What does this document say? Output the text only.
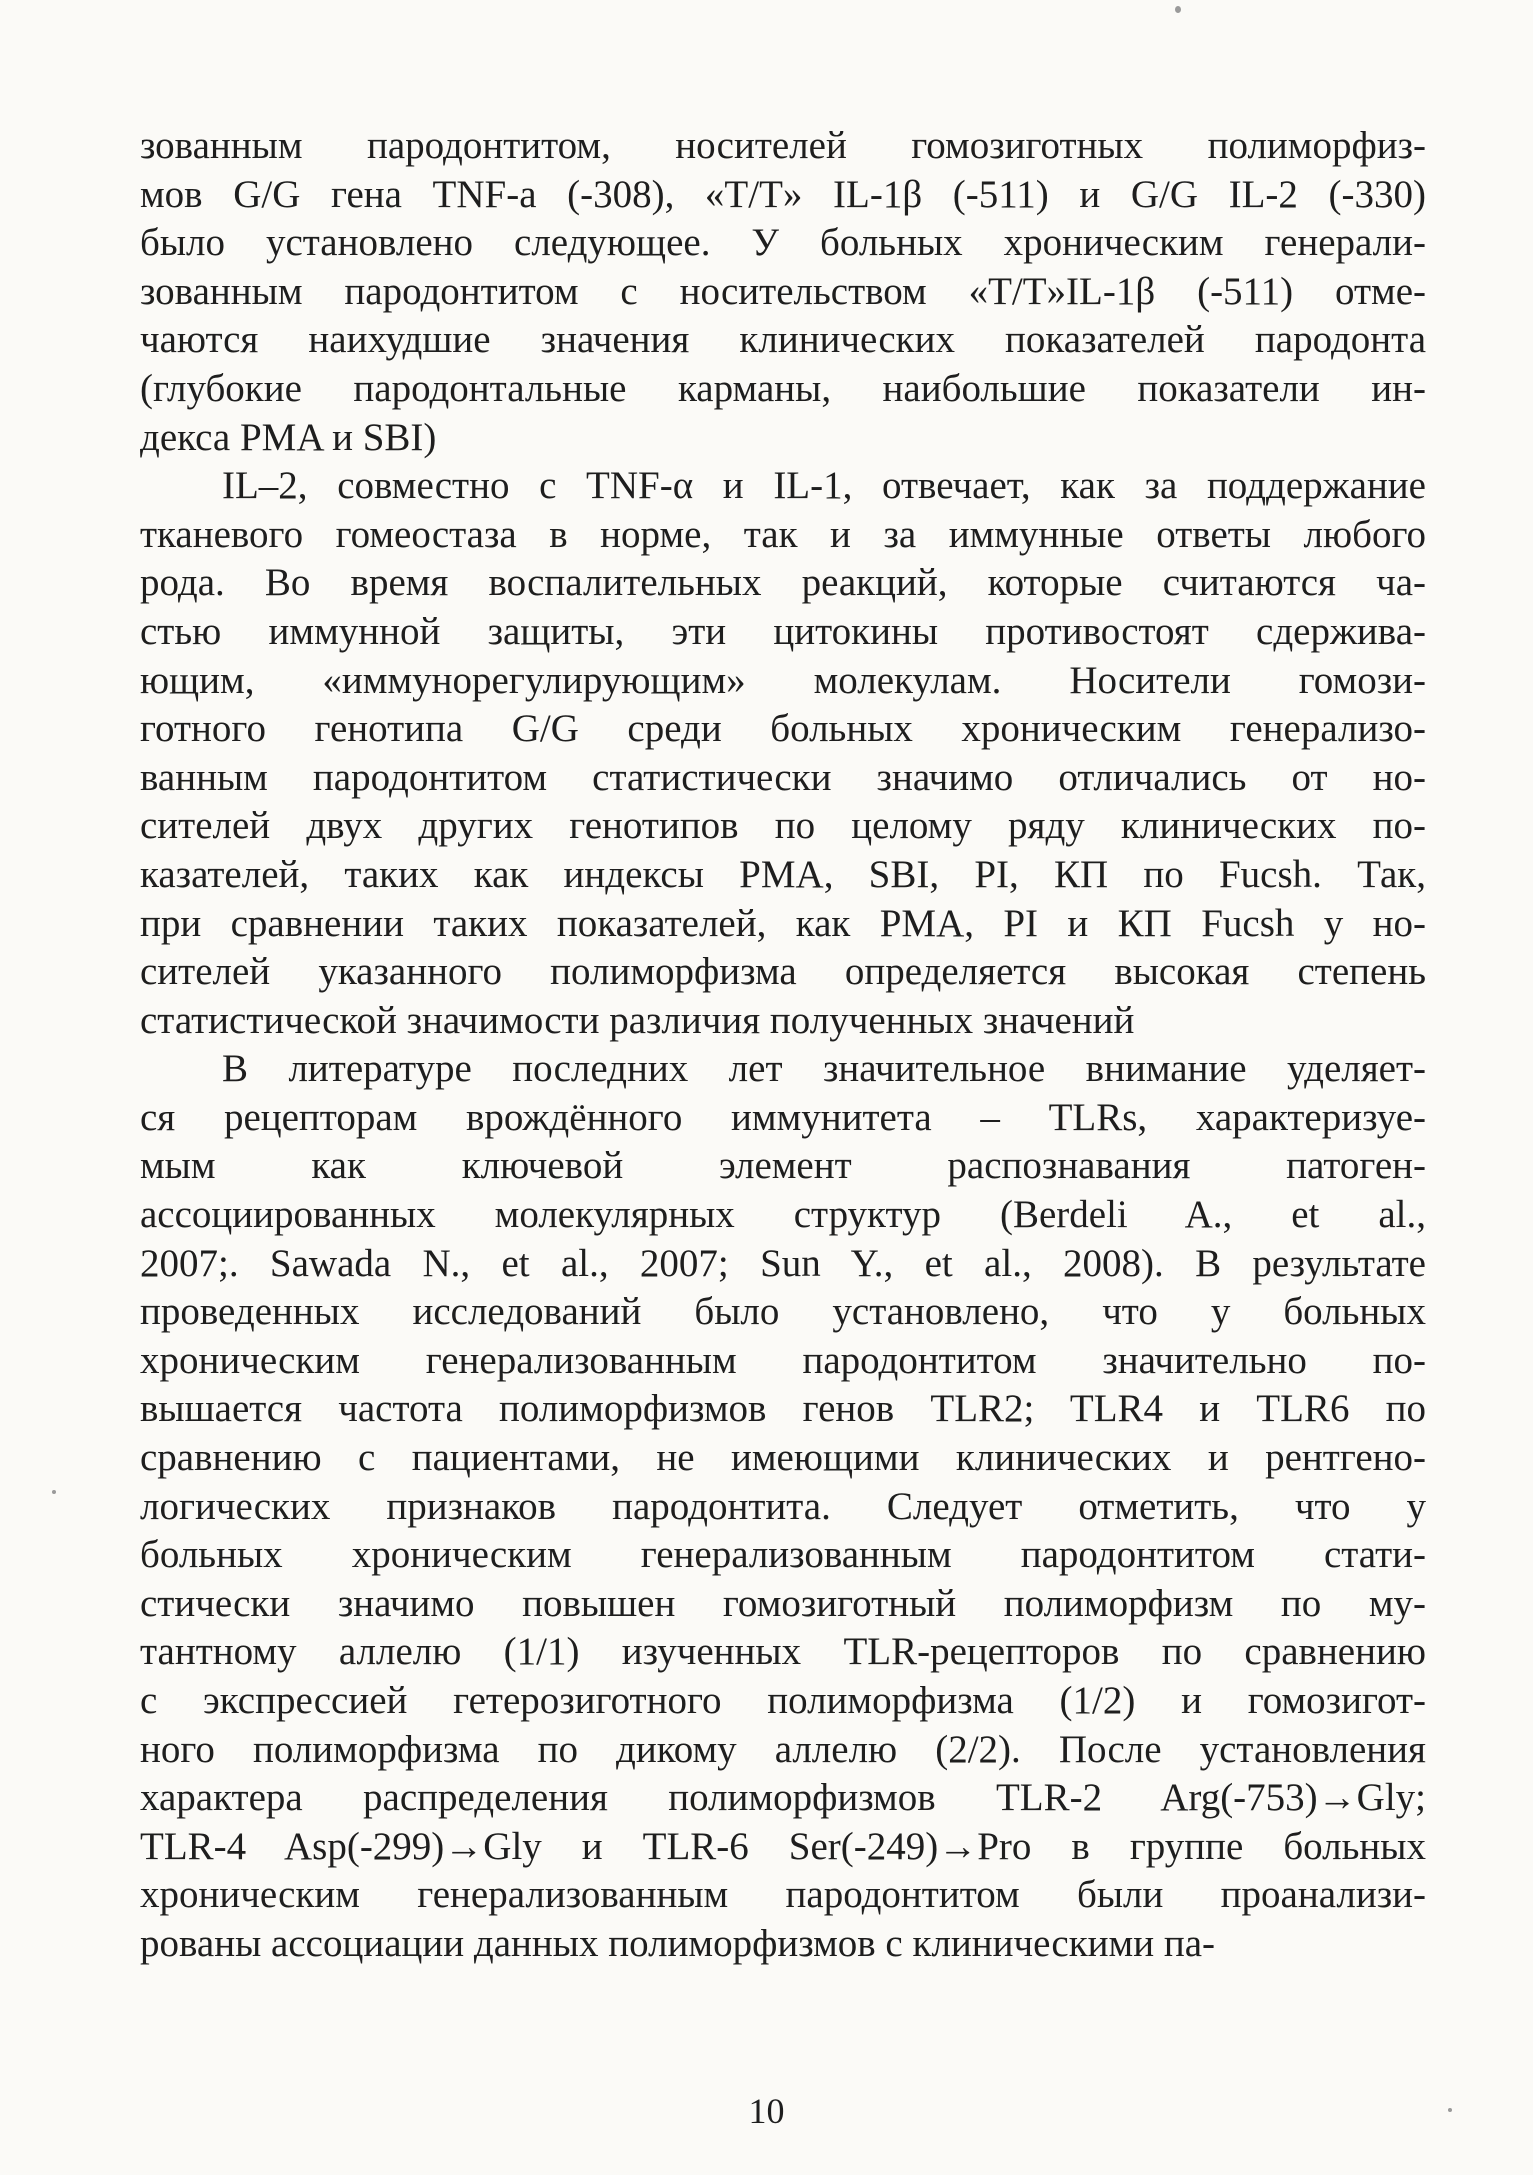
зованным пародонтитом, носителей гомозиготных полиморфиз-
мов G/G гена TNF-a (-308), «T/T» IL-1β (-511) и G/G IL-2 (-330)
было установлено следующее. У больных хроническим генерали-
зованным пародонтитом с носительством «T/T»IL-1β (-511) отме-
чаются наихудшие значения клинических показателей пародонта
(глубокие пародонтальные карманы, наибольшие показатели ин-
декса PMA и SBI)
IL–2, совместно с TNF-α и IL-1, отвечает, как за поддержание
тканевого гомеостаза в норме, так и за иммунные ответы любого
рода. Во время воспалительных реакций, которые считаются ча-
стью иммунной защиты, эти цитокины противостоят сдержива-
ющим, «иммунорегулирующим» молекулам. Носители гомози-
готного генотипа G/G среди больных хроническим генерализо-
ванным пародонтитом статистически значимо отличались от но-
сителей двух других генотипов по целому ряду клинических по-
казателей, таких как индексы PMA, SBI, PI, КП по Fucsh. Так,
при сравнении таких показателей, как PMA, PI и КП Fucsh у но-
сителей указанного полиморфизма определяется высокая степень
статистической значимости различия полученных значений
В литературе последних лет значительное внимание уделяет-
ся рецепторам врождённого иммунитета – TLRs, характеризуе-
мым как ключевой элемент распознавания патоген-
ассоциированных молекулярных структур (Berdeli A., et al.,
2007;. Sawada N., et al., 2007; Sun Y., et al., 2008). В результате
проведенных исследований было установлено, что у больных
хроническим генерализованным пародонтитом значительно по-
вышается частота полиморфизмов генов TLR2; TLR4 и TLR6 по
сравнению с пациентами, не имеющими клинических и рентгено-
логических признаков пародонтита. Следует отметить, что у
больных хроническим генерализованным пародонтитом стати-
стически значимо повышен гомозиготный полиморфизм по му-
тантному аллелю (1/1) изученных TLR-рецепторов по сравнению
с экспрессией гетерозиготного полиморфизма (1/2) и гомозигот-
ного полиморфизма по дикому аллелю (2/2). После установления
характера распределения полиморфизмов TLR-2 Arg(-753)→Gly;
TLR-4 Asp(-299)→Gly и TLR-6 Ser(-249)→Pro в группе больных
хроническим генерализованным пародонтитом были проанализи-
рованы ассоциации данных полиморфизмов с клиническими па-
10
